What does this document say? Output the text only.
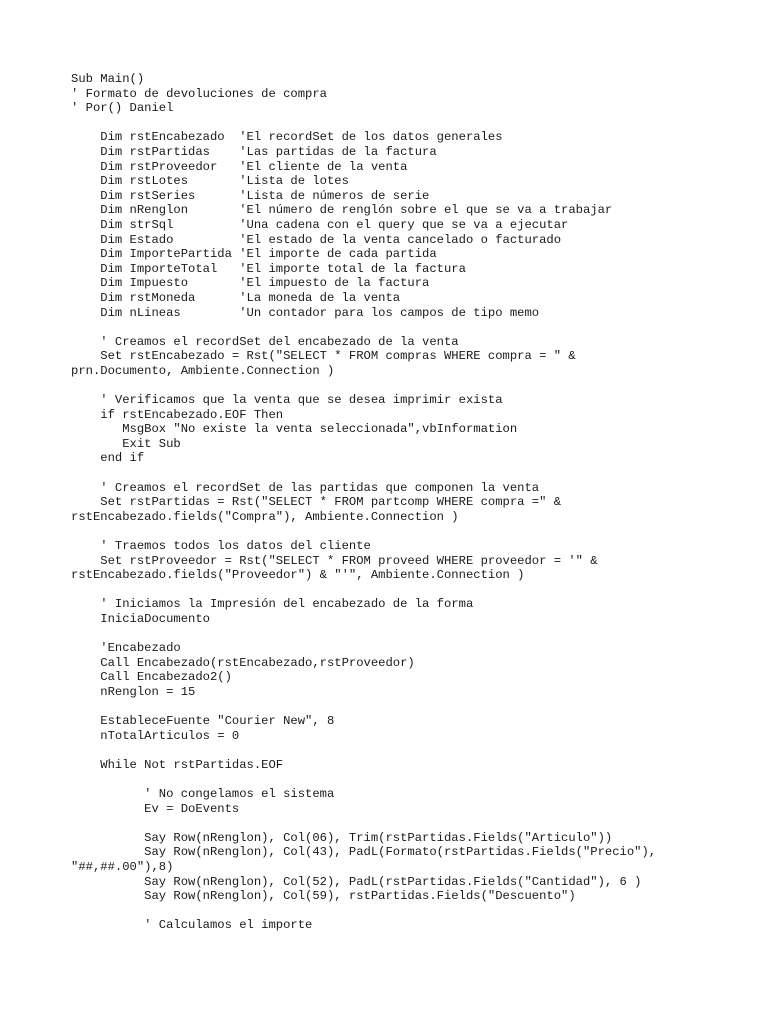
Sub Main()
' Formato de devoluciones de compra
' Por() Daniel

Dim rstEncabezado  'El recordSet de los datos generales
Dim rstPartidas    'Las partidas de la factura
Dim rstProveedor   'El cliente de la venta
Dim rstLotes       'Lista de lotes
Dim rstSeries      'Lista de números de serie
Dim nRenglon       'El número de renglón sobre el que se va a trabajar
Dim strSql         'Una cadena con el query que se va a ejecutar
Dim Estado         'El estado de la venta cancelado o facturado
Dim ImportePartida 'El importe de cada partida
Dim ImporteTotal   'El importe total de la factura
Dim Impuesto       'El impuesto de la factura
Dim rstMoneda      'La moneda de la venta
Dim nLineas        'Un contador para los campos de tipo memo

' Creamos el recordSet del encabezado de la venta
Set rstEncabezado = Rst("SELECT * FROM compras WHERE compra = " &
prn.Documento, Ambiente.Connection )

' Verificamos que la venta que se desea imprimir exista
if rstEncabezado.EOF Then
MsgBox "No existe la venta seleccionada",vbInformation
Exit Sub
end if

' Creamos el recordSet de las partidas que componen la venta
Set rstPartidas = Rst("SELECT * FROM partcomp WHERE compra =" &
rstEncabezado.fields("Compra"), Ambiente.Connection )

' Traemos todos los datos del cliente
Set rstProveedor = Rst("SELECT * FROM proveed WHERE proveedor = '" &
rstEncabezado.fields("Proveedor") & "'", Ambiente.Connection )

' Iniciamos la Impresión del encabezado de la forma
IniciaDocumento

'Encabezado
Call Encabezado(rstEncabezado,rstProveedor)
Call Encabezado2()
nRenglon = 15

EstableceFuente "Courier New", 8
nTotalArticulos = 0

While Not rstPartidas.EOF

' No congelamos el sistema
Ev = DoEvents

Say Row(nRenglon), Col(06), Trim(rstPartidas.Fields("Articulo"))
Say Row(nRenglon), Col(43), PadL(Formato(rstPartidas.Fields("Precio"),
"##,##.00"),8)
Say Row(nRenglon), Col(52), PadL(rstPartidas.Fields("Cantidad"), 6 )
Say Row(nRenglon), Col(59), rstPartidas.Fields("Descuento")

' Calculamos el importe
